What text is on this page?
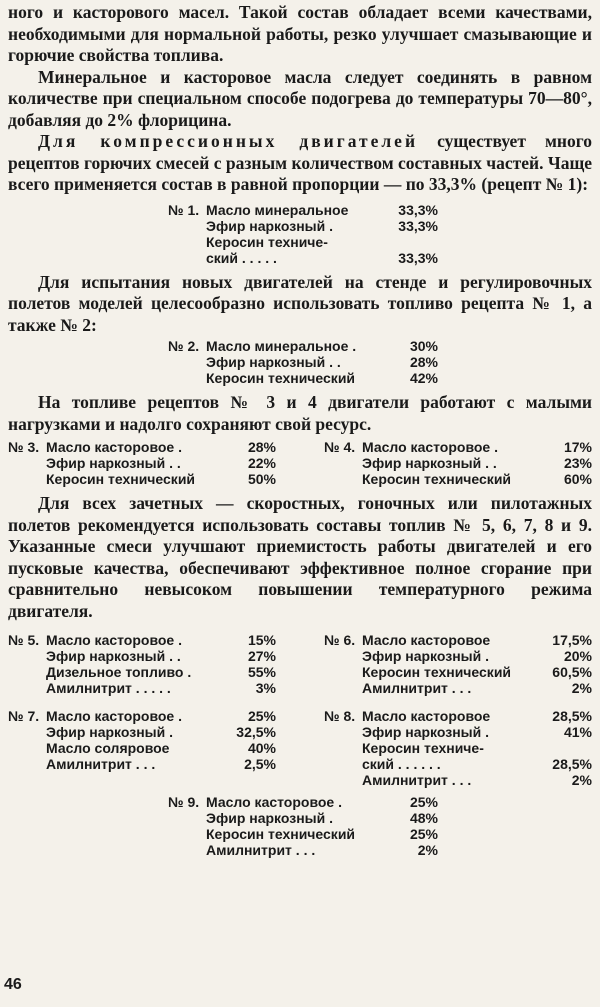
ного и касторового масел. Такой состав обладает всеми качествами, необходимыми для нормальной работы, резко улучшает смазывающие и горючие свойства топлива.

Минеральное и касторовое масла следует соединять в равном количестве при специальном способе подогрева до температуры 70—80°, добавляя до 2% флорицина.

Для компрессионных двигателей существует много рецептов горючих смесей с разным количеством составных частей. Чаще всего применяется состав в равной пропорции — по 33,3% (рецепт № 1):

№ 1. Масло минеральное	33,3%
Эфир наркозный .	33,3%
Керосин техниче-
ский . . . . .	33,3%

Для испытания новых двигателей на стенде и регулировочных полетов моделей целесообразно использовать топливо рецепта № 1, а также № 2:

№ 2. Масло минеральное .	30%
Эфир наркозный . .	28%
Керосин технический	42%

На топливе рецептов № 3 и 4 двигатели работают с малыми нагрузками и надолго сохраняют свой ресурс.

№ 3. Масло касторовое .	28%
Эфир наркозный . .	22%
Керосин технический	50%
№ 4. Масло касторовое .	17%
Эфир наркозный . .	23%
Керосин технический	60%

Для всех зачетных — скоростных, гоночных или пилотажных полетов рекомендуется использовать составы топлив № 5, 6, 7, 8 и 9. Указанные смеси улучшают приемистость работы двигателей и его пусковые качества, обеспечивают эффективное полное сгорание при сравнительно невысоком повышении температурного режима двигателя.

№ 5. Масло касторовое .	15%
Эфир наркозный . .	27%
Дизельное топливо .	55%
Амилнитрит . . . . .	3%
№ 6. Масло касторовое	17,5%
Эфир наркозный .	20%
Керосин технический	60,5%
Амилнитрит . . .	2%
№ 7. Масло касторовое .	25%
Эфир наркозный .	32,5%
Масло соляровое	40%
Амилнитрит . . .	2,5%
№ 8. Масло касторовое	28,5%
Эфир наркозный .	41%
Керосин техниче-
ский . . . . . .	28,5%
Амилнитрит . . .	2%
№ 9. Масло касторовое .	25%
Эфир наркозный .	48%
Керосин технический	25%
Амилнитрит . . .	2%
46
